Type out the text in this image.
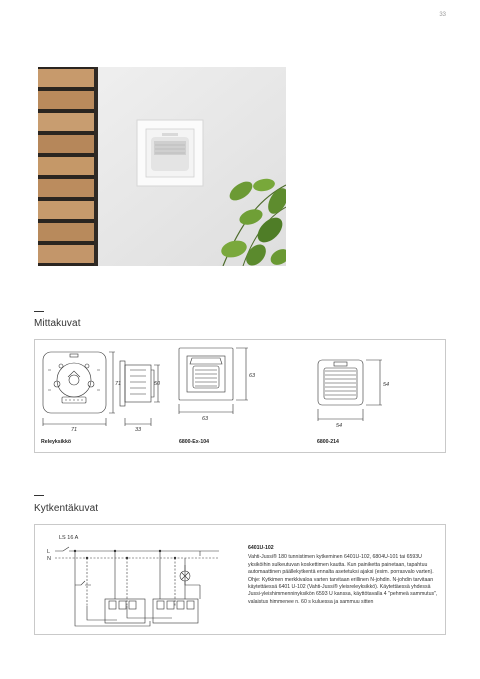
33
Mittakuvat
71
71
33
50
63
63
54
54
Releyksikkö	6800-Ex-104	6800-214
Kytkentäkuvat
LS 16 A
L
N
6401U-102
Vahti-Jussi® 180 tunnistimen kytkeminen 6401U-102, 6804U-101 tai 6593U yksiköihin sulkeutuvan koskettimen kautta. Kun painiketta painetaan, tapahtuu automaattinen päällekytkentä ennalta asetetuksi ajaksi (esim. porrasvalo varten). Ohje: Kytkimen merkkivaloa varten tarvitaan erillinen N-johdin. N-johdin tarvitaan käytettäessä 6401 U-102 (Vahti-Jussi® yleisreleyksikkö). Käytettäessä yhdessä Jussi-yleishimmenninyksikön 6593 U kanssa, käyttötavalla 4 "pehmeä sammutus", valaistus himmenee n. 60 s kuluessa ja sammuu sitten
